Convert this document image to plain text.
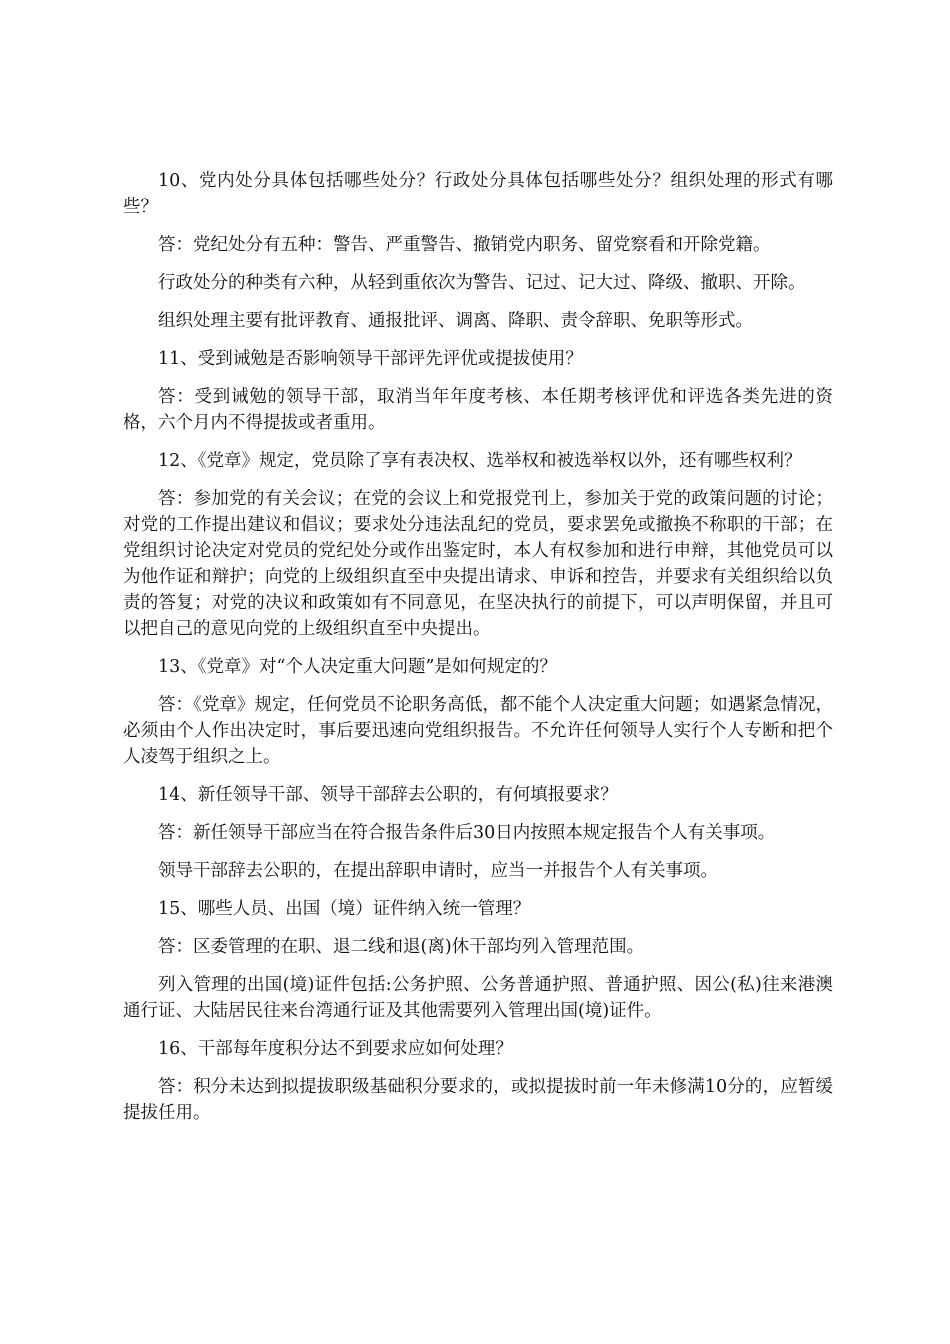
10、党内处分具体包括哪些处分？行政处分具体包括哪些处分？组织处理的形式有哪些？

答：党纪处分有五种：警告、严重警告、撤销党内职务、留党察看和开除党籍。

行政处分的种类有六种，从轻到重依次为警告、记过、记大过、降级、撤职、开除。

组织处理主要有批评教育、通报批评、调离、降职、责令辞职、免职等形式。

11、受到诫勉是否影响领导干部评先评优或提拔使用？

答：受到诫勉的领导干部，取消当年年度考核、本任期考核评优和评选各类先进的资格，六个月内不得提拔或者重用。

12、《党章》规定，党员除了享有表决权、选举权和被选举权以外，还有哪些权利？

答：参加党的有关会议；在党的会议上和党报党刊上，参加关于党的政策问题的讨论；对党的工作提出建议和倡议；要求处分违法乱纪的党员，要求罢免或撤换不称职的干部；在党组织讨论决定对党员的党纪处分或作出鉴定时，本人有权参加和进行申辩，其他党员可以为他作证和辩护；向党的上级组织直至中央提出请求、申诉和控告，并要求有关组织给以负责的答复；对党的决议和政策如有不同意见，在坚决执行的前提下，可以声明保留，并且可以把自己的意见向党的上级组织直至中央提出。

13、《党章》对“个人决定重大问题”是如何规定的？

答：《党章》规定，任何党员不论职务高低，都不能个人决定重大问题；如遇紧急情况，必须由个人作出决定时，事后要迅速向党组织报告。不允许任何领导人实行个人专断和把个人凌驾于组织之上。

14、新任领导干部、领导干部辞去公职的，有何填报要求？

答：新任领导干部应当在符合报告条件后30日内按照本规定报告个人有关事项。

领导干部辞去公职的，在提出辞职申请时，应当一并报告个人有关事项。

15、哪些人员、出国（境）证件纳入统一管理？

答：区委管理的在职、退二线和退(离)休干部均列入管理范围。

列入管理的出国(境)证件包括:公务护照、公务普通护照、普通护照、因公(私)往来港澳通行证、大陆居民往来台湾通行证及其他需要列入管理出国(境)证件。

16、干部每年度积分达不到要求应如何处理？

答：积分未达到拟提拔职级基础积分要求的，或拟提拔时前一年未修满10分的，应暂缓提拔任用。
